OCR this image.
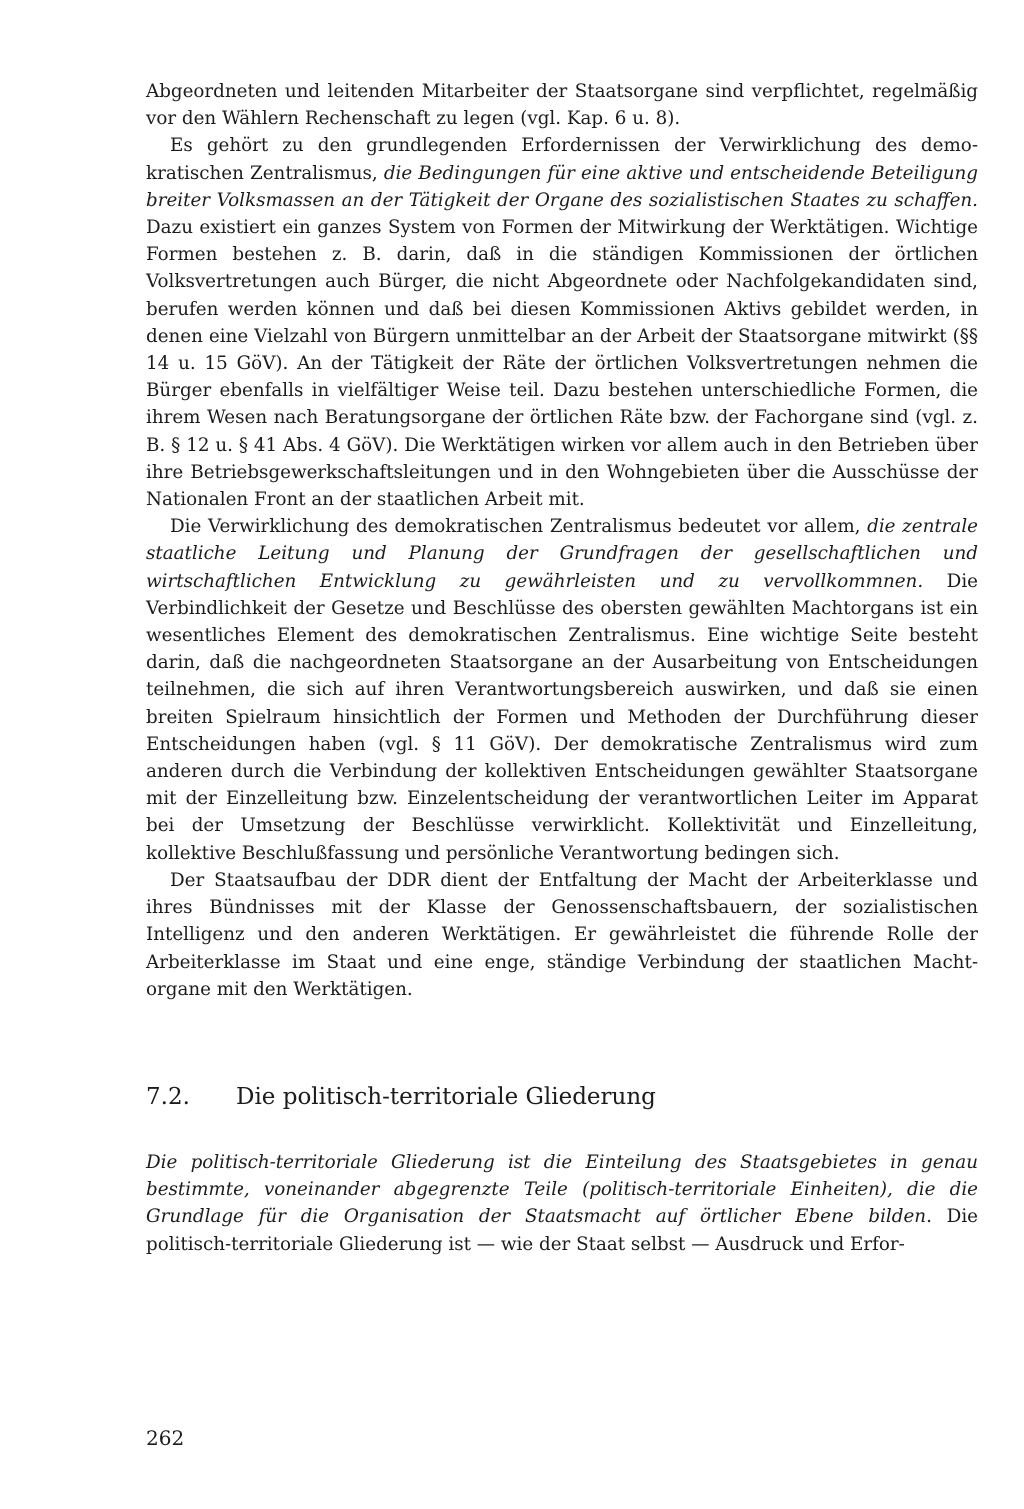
Abgeordneten und leitenden Mitarbeiter der Staatsorgane sind verpflichtet, regelmäßig vor den Wählern Rechenschaft zu legen (vgl. Kap. 6 u. 8).

Es gehört zu den grundlegenden Erfordernissen der Verwirklichung des demokratischen Zentralismus, die Bedingungen für eine aktive und entscheidende Beteiligung breiter Volksmassen an der Tätigkeit der Organe des sozialistischen Staates zu schaffen. Dazu existiert ein ganzes System von Formen der Mitwirkung der Werktätigen. Wichtige Formen bestehen z. B. darin, daß in die ständigen Kommissionen der örtlichen Volksvertretungen auch Bürger, die nicht Abgeordnete oder Nachfolgekandidaten sind, berufen werden können und daß bei diesen Kommissionen Aktivs gebildet werden, in denen eine Vielzahl von Bürgern unmittelbar an der Arbeit der Staatsorgane mitwirkt (§§ 14 u. 15 GöV). An der Tätigkeit der Räte der örtlichen Volksvertretungen nehmen die Bürger ebenfalls in vielfältiger Weise teil. Dazu bestehen unterschiedliche Formen, die ihrem Wesen nach Beratungsorgane der örtlichen Räte bzw. der Fachorgane sind (vgl. z. B. § 12 u. § 41 Abs. 4 GöV). Die Werktätigen wirken vor allem auch in den Betrieben über ihre Betriebsgewerkschaftsleitungen und in den Wohngebieten über die Ausschüsse der Nationalen Front an der staatlichen Arbeit mit.

Die Verwirklichung des demokratischen Zentralismus bedeutet vor allem, die zentrale staatliche Leitung und Planung der Grundfragen der gesellschaftlichen und wirtschaftlichen Entwicklung zu gewährleisten und zu vervollkommnen. Die Verbindlichkeit der Gesetze und Beschlüsse des obersten gewählten Machtorgans ist ein wesentliches Element des demokratischen Zentralismus. Eine wichtige Seite besteht darin, daß die nachgeordneten Staatsorgane an der Ausarbeitung von Entscheidungen teilnehmen, die sich auf ihren Verantwortungsbereich auswirken, und daß sie einen breiten Spielraum hinsichtlich der Formen und Methoden der Durchführung dieser Entscheidungen haben (vgl. § 11 GöV). Der demokratische Zentralismus wird zum anderen durch die Verbindung der kollektiven Entscheidungen gewählter Staatsorgane mit der Einzelleitung bzw. Einzelentscheidung der verantwortlichen Leiter im Apparat bei der Umsetzung der Beschlüsse verwirklicht. Kollektivität und Einzelleitung, kollektive Beschlußfassung und persönliche Verantwortung bedingen sich.

Der Staatsaufbau der DDR dient der Entfaltung der Macht der Arbeiterklasse und ihres Bündnisses mit der Klasse der Genossenschaftsbauern, der sozialistischen Intelligenz und den anderen Werktätigen. Er gewährleistet die führende Rolle der Arbeiterklasse im Staat und eine enge, ständige Verbindung der staatlichen Machtorgane mit den Werktätigen.

7.2.	Die politisch-territoriale Gliederung

Die politisch-territoriale Gliederung ist die Einteilung des Staatsgebietes in genau bestimmte, voneinander abgegrenzte Teile (politisch-territoriale Einheiten), die die Grundlage für die Organisation der Staatsmacht auf örtlicher Ebene bilden. Die politisch-territoriale Gliederung ist — wie der Staat selbst — Ausdruck und Erfor-

262
